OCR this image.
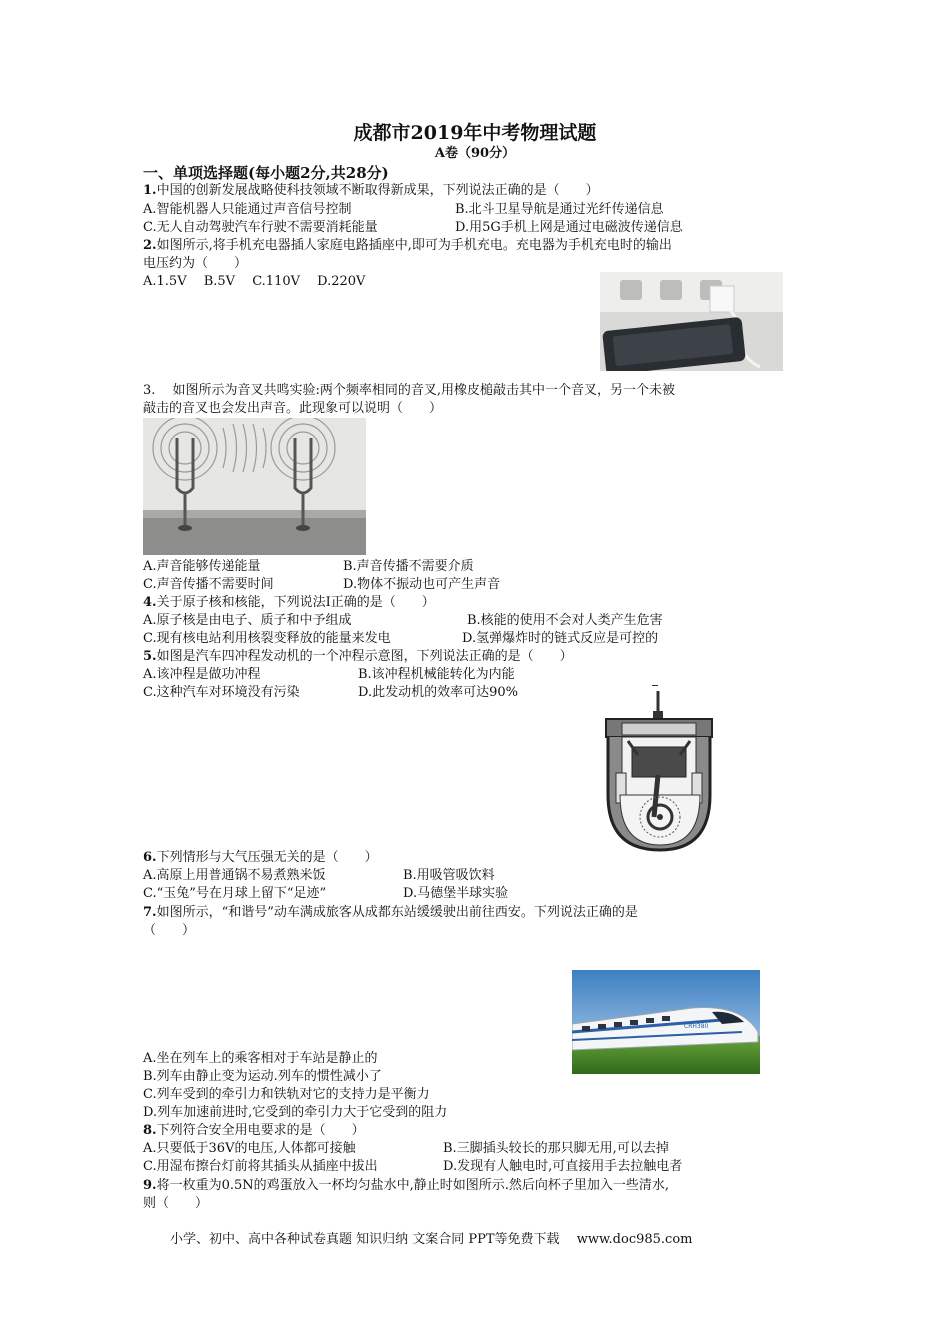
成都市2019年中考物理试题
A卷（90分）
一、单项选择题(每小题2分,共28分)
1.中国的创新发展战略使科技领域不断取得新成果，下列说法正确的是（　　）
A.智能机器人只能通过声音信号控制	B.北斗卫星导航是通过光纤传递信息
C.无人自动驾驶汽车行驶不需要消耗能量	D.用5G手机上网是通过电磁波传递信息
2.如图所示,将手机充电器插人家庭电路插座中,即可为手机充电。充电器为手机充电时的输出
电压约为（　　）
A.1.5V　 B.5V　 C.110V　 D.220V
3.　 如图所示为音叉共鸣实验:两个频率相同的音叉,用橡皮槌敲击其中一个音叉，另一个未被
敲击的音叉也会发出声音。此现象可以说明（　　）
A.声音能够传递能量	B.声音传播不需要介质
C.声音传播不需要时间	D.物体不振动也可产生声音
4.关于原子核和核能，下列说法Ι正确的是（　　）
A.原子核是由电子、质子和中予组成	B.核能的使用不会对人类产生危害
C.现有核电站利用核裂变释放的能量来发电	D.氢弹爆炸时的链式反应是可控的
5.如图是汽车四冲程发动机的一个冲程示意图，下列说法正确的是（　　）
A.该冲程是做功冲程	B.该冲程机械能转化为内能
C.这种汽车对环境没有污染	D.此发动机的效率可达90%
6.下列情形与大气压强无关的是（　　）
A.高原上用普通锅不易煮熟米饭	B.用吸管吸饮料
C.“玉兔”号在月球上留下“足迹”	D.马德堡半球实验
7.如图所示，“和谐号”动车满成旅客从成都东站缓缓驶出前往西安。下列说法正确的是
（　　）
CRH380
A.坐在列车上的乘客相对于车站是静止的
B.列车由静止变为运动.列车的惯性减小了
C.列车受到的牵引力和铁轨对它的支持力是平衡力
D.列车加速前进时,它受到的牵引力大于它受到的阻力
8.下列符合安全用电要求的是（　　）
A.只要低于36V的电压,人体都可接触	B.三脚插头较长的那只脚无用,可以去掉
C.用湿布擦台灯前将其插头从插座中拔出	D.发现有人触电时,可直接用手去拉触电者
9.将一枚重为0.5N的鸡蛋放入一杯均匀盐水中,静止时如图所示.然后向杯子里加入一些清水,
则（　　）
小学、初中、高中各种试卷真题 知识归纳 文案合同 PPT等免费下载　 www.doc985.com
